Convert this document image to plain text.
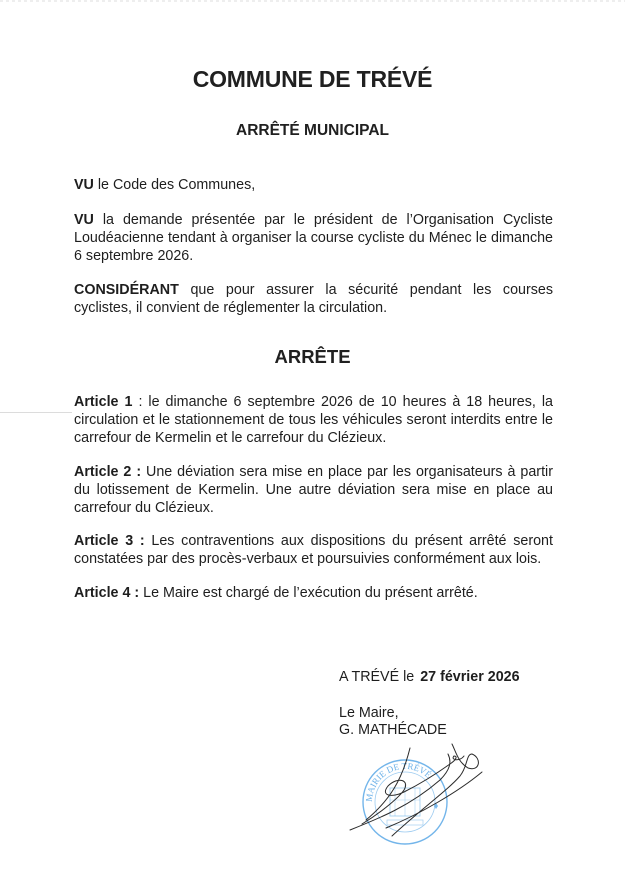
COMMUNE DE TRÉVÉ
ARRÊTÉ MUNICIPAL

VU le Code des Communes,

VU la demande présentée par le président de l’Organisation Cycliste Loudéacienne tendant à organiser la course cycliste du Ménec le dimanche 6 septembre 2026.

CONSIDÉRANT que pour assurer la sécurité pendant les courses cyclistes, il convient de réglementer la circulation.

ARRÊTE

Article 1 : le dimanche 6 septembre 2026 de 10 heures à 18 heures, la circulation et le stationnement de tous les véhicules seront interdits entre le carrefour de Kermelin et le carrefour du Clézieux.

Article 2 : Une déviation sera mise en place par les organisateurs à partir du lotissement de Kermelin. Une autre déviation sera mise en place au carrefour du Clézieux.

Article 3 : Les contraventions aux dispositions du présent arrêté seront constatées par des procès-verbaux et poursuivies conformément aux lois.

Article 4 : Le Maire est chargé de l’exécution du présent arrêté.

A TRÉVÉ le 27 février 2026
Le Maire,
G. MATHÉCADE
MAIRIE DE TRÉVÉ
